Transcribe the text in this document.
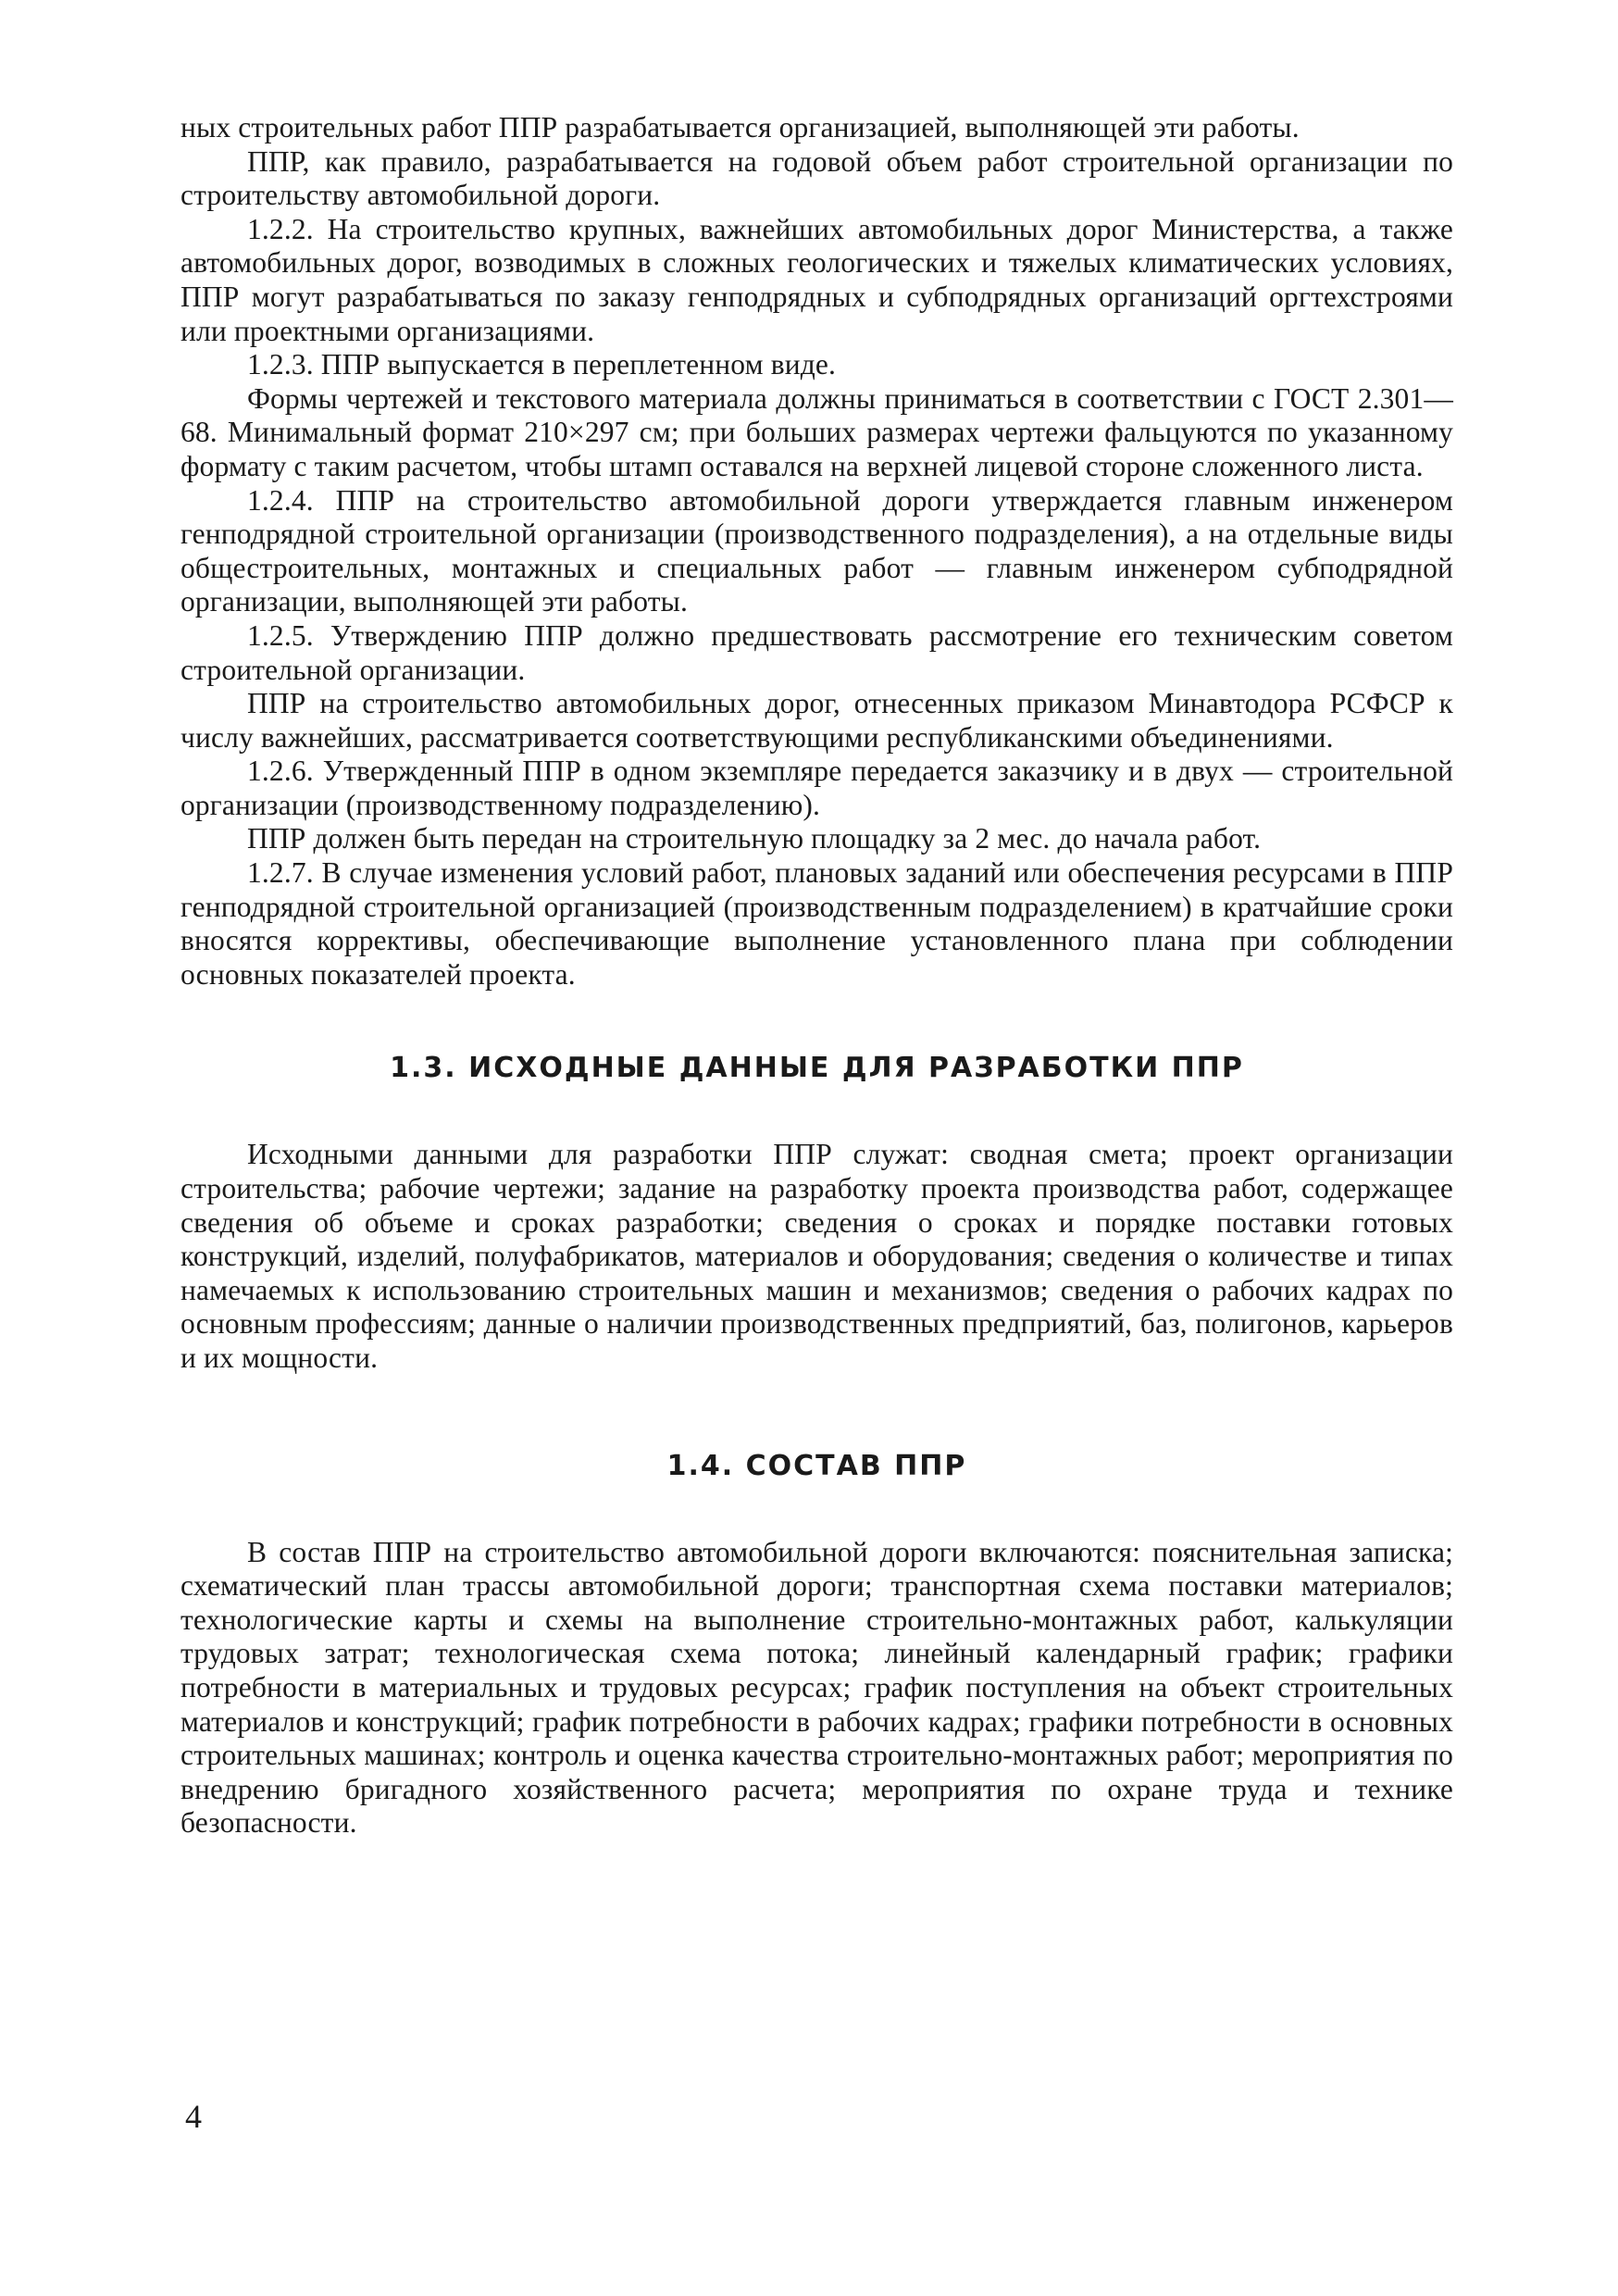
ных строительных работ ППР разрабатывается организацией, выполняющей эти работы.

ППР, как правило, разрабатывается на годовой объем работ строительной организации по строительству автомобильной дороги.

1.2.2. На строительство крупных, важнейших автомобильных дорог Министерства, а также автомобильных дорог, возводимых в сложных геологических и тяжелых климатических условиях, ППР могут разрабатываться по заказу генподрядных и субподрядных организаций оргтехстроями или проектными организациями.

1.2.3. ППР выпускается в переплетенном виде.

Формы чертежей и текстового материала должны приниматься в соответствии с ГОСТ 2.301—68. Минимальный формат 210×297 см; при больших размерах чертежи фальцуются по указанному формату с таким расчетом, чтобы штамп оставался на верхней лицевой стороне сложенного листа.

1.2.4. ППР на строительство автомобильной дороги утверждается главным инженером генподрядной строительной организации (производственного подразделения), а на отдельные виды общестроительных, монтажных и специальных работ — главным инженером субподрядной организации, выполняющей эти работы.

1.2.5. Утверждению ППР должно предшествовать рассмотрение его техническим советом строительной организации.

ППР на строительство автомобильных дорог, отнесенных приказом Минавтодора РСФСР к числу важнейших, рассматривается соответствующими республиканскими объединениями.

1.2.6. Утвержденный ППР в одном экземпляре передается заказчику и в двух — строительной организации (производственному подразделению).

ППР должен быть передан на строительную площадку за 2 мес. до начала работ.

1.2.7. В случае изменения условий работ, плановых заданий или обеспечения ресурсами в ППР генподрядной строительной организацией (производственным подразделением) в кратчайшие сроки вносятся коррективы, обеспечивающие выполнение установленного плана при соблюдении основных показателей проекта.

1.3. ИСХОДНЫЕ ДАННЫЕ ДЛЯ РАЗРАБОТКИ ППР

Исходными данными для разработки ППР служат: сводная смета; проект организации строительства; рабочие чертежи; задание на разработку проекта производства работ, содержащее сведения об объеме и сроках разработки; сведения о сроках и порядке поставки готовых конструкций, изделий, полуфабрикатов, материалов и оборудования; сведения о количестве и типах намечаемых к использованию строительных машин и механизмов; сведения о рабочих кадрах по основным профессиям; данные о наличии производственных предприятий, баз, полигонов, карьеров и их мощности.

1.4. СОСТАВ ППР

В состав ППР на строительство автомобильной дороги включаются: пояснительная записка; схематический план трассы автомобильной дороги; транспортная схема поставки материалов; технологические карты и схемы на выполнение строительно-монтажных работ, калькуляции трудовых затрат; технологическая схема потока; линейный календарный график; графики потребности в материальных и трудовых ресурсах; график поступления на объект строительных материалов и конструкций; график потребности в рабочих кадрах; графики потребности в основных строительных машинах; контроль и оценка качества строительно-монтажных работ; мероприятия по внедрению бригадного хозяйственного расчета; мероприятия по охране труда и технике безопасности.

4
